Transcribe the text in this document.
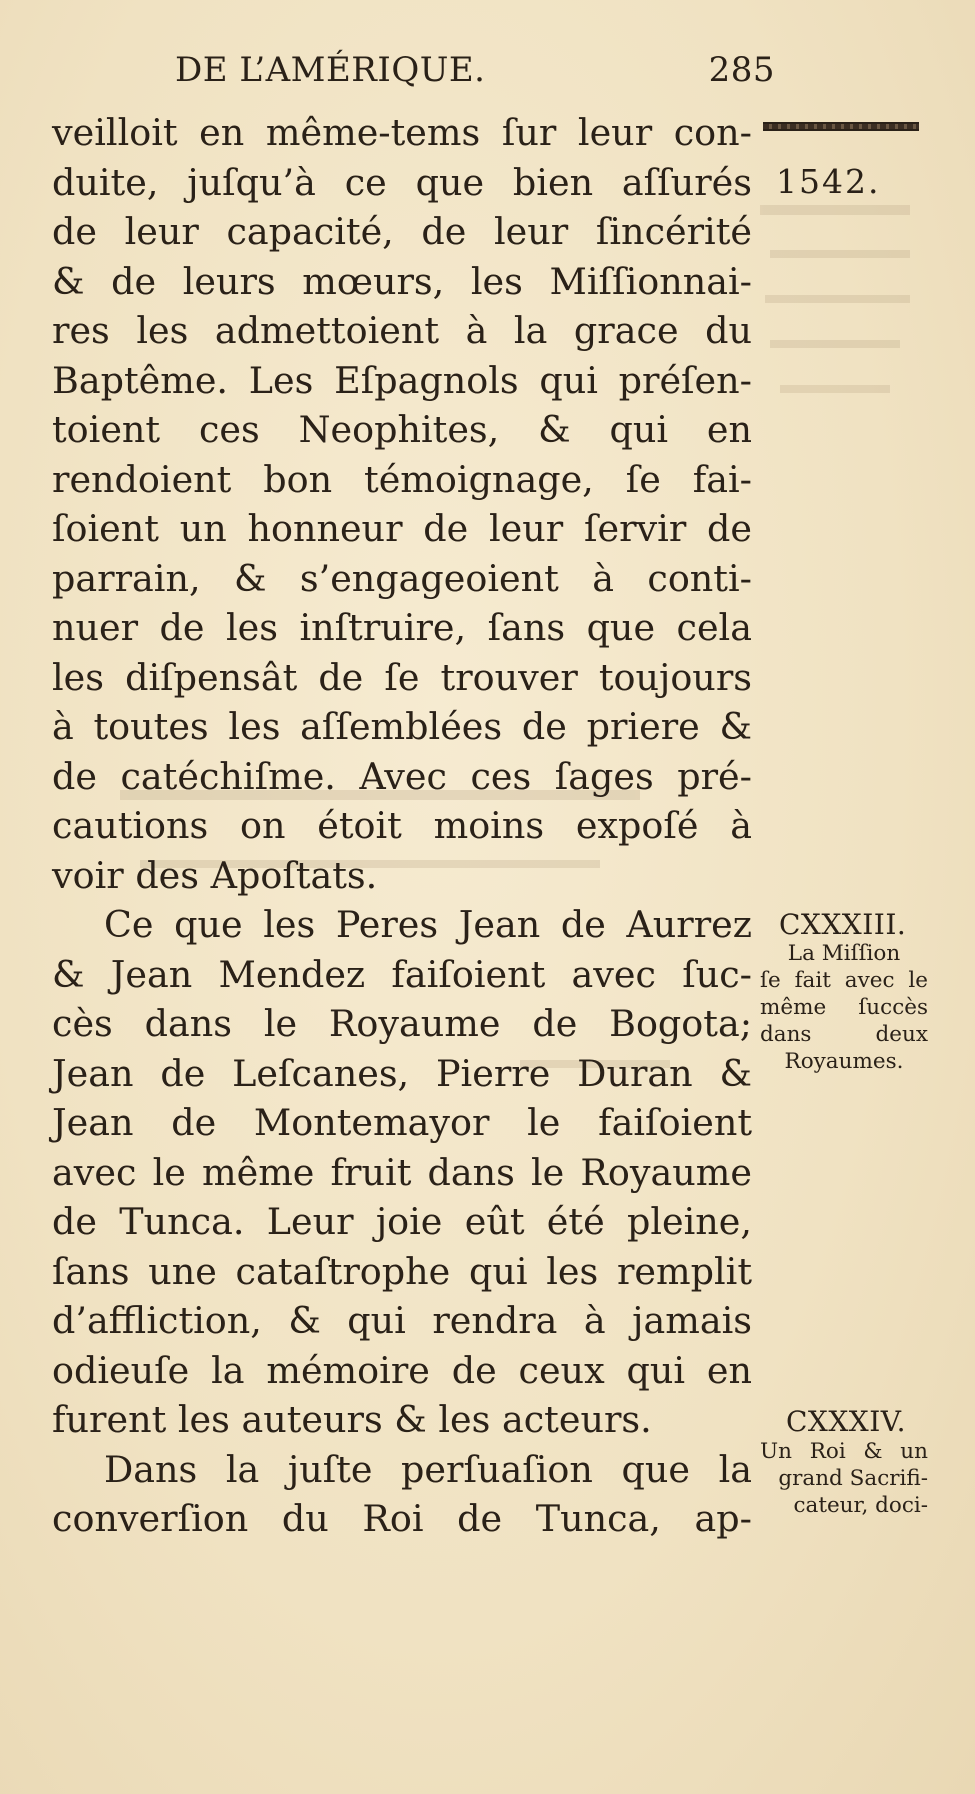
DE L’AMÉRIQUE.	285
1542.
veilloit en même-tems ſur leur con-
duite, juſqu’à ce que bien aſſurés
de leur capacité, de leur ſincérité
& de leurs mœurs, les Miſſionnai-
res les admettoient à la grace du
Baptême. Les Eſpagnols qui préſen-
toient ces Neophites, & qui en
rendoient bon témoignage, ſe fai-
ſoient un honneur de leur ſervir de
parrain, & s’engageoient à conti-
nuer de les inſtruire, ſans que cela
les diſpensât de ſe trouver toujours
à toutes les aſſemblées de priere &
de catéchiſme. Avec ces ſages pré-
cautions on étoit moins expoſé à
voir des Apoſtats.
Ce que les Peres Jean de Aurrez
& Jean Mendez faiſoient avec ſuc-
cès dans le Royaume de Bogota;
Jean de Leſcanes, Pierre Duran &
Jean de Montemayor le faiſoient
avec le même fruit dans le Royaume
de Tunca. Leur joie eût été pleine,
ſans une cataſtrophe qui les remplit
d’affliction, & qui rendra à jamais
odieuſe la mémoire de ceux qui en
furent les auteurs & les acteurs.
Dans la juſte perſuaſion que la
converſion du Roi de Tunca, ap-
CXXXIII.
La Miſſion
ſe fait avec le
même ſuccès
dans deux
Royaumes.
CXXXIV.
Un Roi & un
grand Sacrifi-
cateur, doci-
